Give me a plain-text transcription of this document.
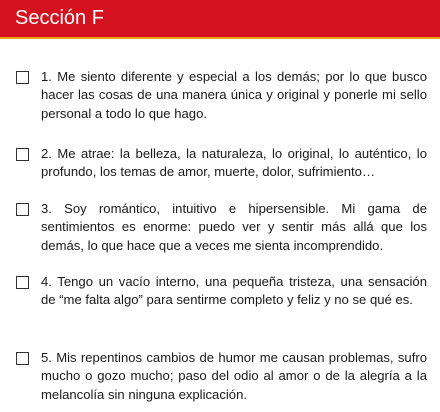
Sección F
1. Me siento diferente y especial a los demás; por lo que busco hacer las cosas de una manera única y original y ponerle mi sello personal a todo lo que hago.
2. Me atrae: la belleza, la naturaleza, lo original, lo auténtico, lo profundo, los temas de amor, muerte, dolor, sufrimiento…
3. Soy romántico, intuitivo e hipersensible. Mi gama de sentimientos es enorme: puedo ver y sentir más allá que los demás, lo que hace que a veces me sienta incomprendido.
4. Tengo un vacío interno, una pequeña tristeza, una sensación de “me falta algo” para sentirme completo y feliz y no se qué es.
5. Mis repentinos cambios de humor me causan problemas, sufro mucho o gozo mucho; paso del odio al amor o de la alegría a la melancolía sin ninguna explicación.
